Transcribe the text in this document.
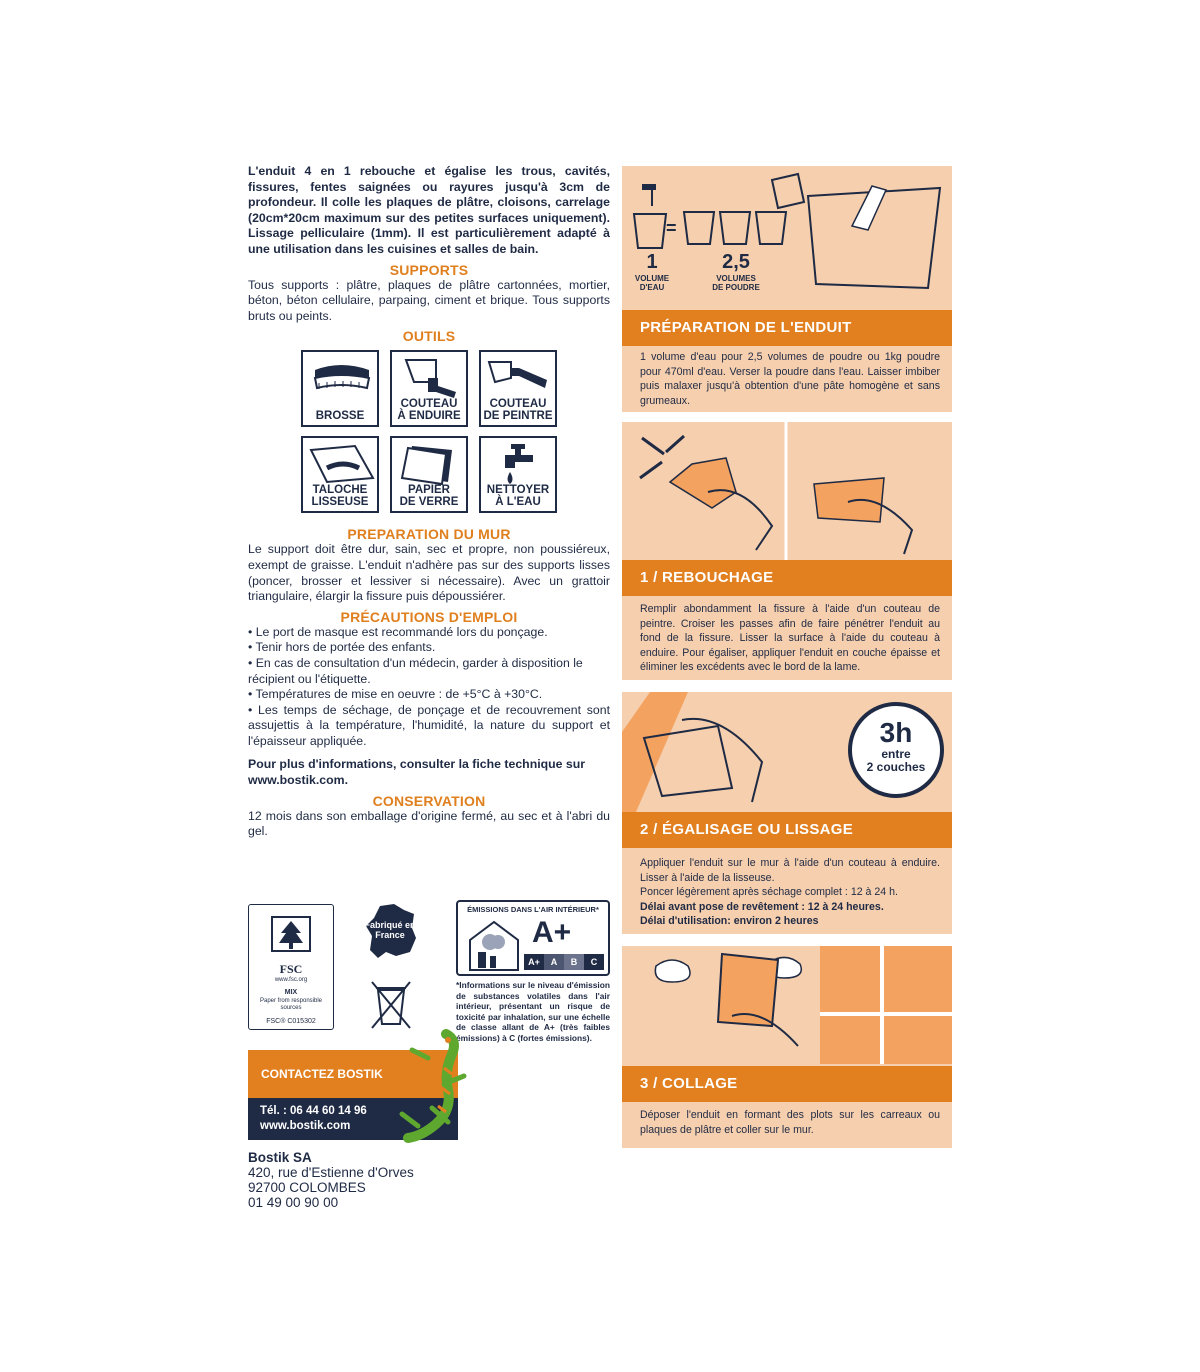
L'enduit 4 en 1 rebouche et égalise les trous, cavités, fissures, fentes saignées ou rayures jusqu'à 3cm de profondeur. Il colle les plaques de plâtre, cloisons, carrelage (20cm*20cm maximum sur des petites surfaces uniquement). Lissage pelliculaire (1mm). Il est particulièrement adapté à une utilisation dans les cuisines et salles de bain.

SUPPORTS

Tous supports : plâtre, plaques de plâtre cartonnées, mortier, béton, béton cellulaire, parpaing, ciment et brique. Tous supports bruts ou peints.

OUTILS
BROSSE
COUTEAU
À ENDUIRE
COUTEAU
DE PEINTRE
TALOCHE
LISSEUSE
PAPIER
DE VERRE
NETTOYER
À L'EAU
PREPARATION DU MUR

Le support doit être dur, sain, sec et propre, non poussiéreux, exempt de graisse. L'enduit n'adhère pas sur des supports lisses (poncer, brosser et lessiver si nécessaire). Avec un grattoir triangulaire, élargir la fissure puis dépoussiérer.

PRÉCAUTIONS D'EMPLOI

• Le port de masque est recommandé lors du ponçage.

• Tenir hors de portée des enfants.

• En cas de consultation d'un médecin, garder à disposition le récipient ou l'étiquette.

• Températures de mise en oeuvre : de +5°C à +30°C.

• Les temps de séchage, de ponçage et de recouvrement sont assujettis à la température, l'humidité, la nature du support et l'épaisseur appliquée.

Pour plus d'informations, consulter la fiche technique sur www.bostik.com.

CONSERVATION

12 mois dans son emballage d'origine fermé, au sec et à l'abri du gel.

FSC
www.fsc.org
MIX
Paper from responsible sources
FSC® C015302
Fabriqué en France
ÉMISSIONS DANS L'AIR INTÉRIEUR*
A+
A+	A	B	C

*Informations sur le niveau d'émission de substances volatiles dans l'air intérieur, présentant un risque de toxicité par inhalation, sur une échelle de classe allant de A+ (très faibles émissions) à C (fortes émissions).

CONTACTEZ BOSTIK
Tél. : 06 44 60 14 96
www.bostik.com
Bostik SA
420, rue d'Estienne d'Orves
92700 COLOMBES
01 49 00 90 00
1
VOLUME
D'EAU
=
2,5
VOLUMES
DE POUDRE
PRÉPARATION DE L'ENDUIT

1 volume d'eau pour 2,5 volumes de poudre ou 1kg poudre pour 470ml d'eau. Verser la poudre dans l'eau. Laisser imbiber puis malaxer jusqu'à obtention d'une pâte homogène et sans grumeaux.

1 / REBOUCHAGE

Remplir abondamment la fissure à l'aide d'un couteau de peintre. Croiser les passes afin de faire pénétrer l'enduit au fond de la fissure. Lisser la surface à l'aide du couteau à enduire. Pour égaliser, appliquer l'enduit en couche épaisse et éliminer les excédents avec le bord de la lame.

3h
entre
2 couches
2 / ÉGALISAGE OU LISSAGE

Appliquer l'enduit sur le mur à l'aide d'un couteau à enduire. Lisser à l'aide de la lisseuse.

Poncer légèrement après séchage complet : 12 à 24 h.

Délai avant pose de revêtement : 12 à 24 heures.

Délai d'utilisation: environ 2 heures

3 / COLLAGE

Déposer l'enduit en formant des plots sur les carreaux ou plaques de plâtre et coller sur le mur.
